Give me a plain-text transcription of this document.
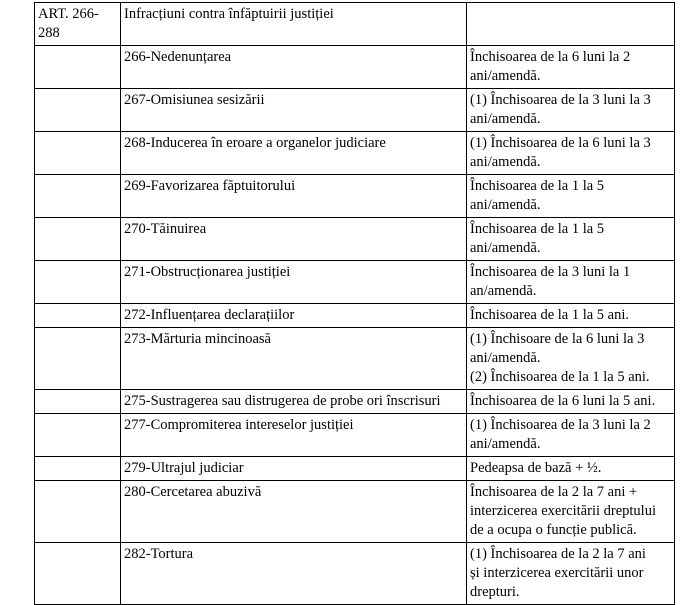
ART. 266-
288	Infracțiuni contra înfăptuirii justiției	
	266-Nedenunțarea	Închisoarea de la 6 luni la 2
ani/amendă.

	267-Omisiunea sesizării	(1) Închisoarea de la 3 luni la 3
ani/amendă.

	268-Inducerea în eroare a organelor judiciare	(1) Închisoarea de la 6 luni la 3
ani/amendă.

	269-Favorizarea făptuitorului	Închisoarea de la 1 la 5
ani/amendă.

	270-Tăinuirea	Închisoarea de la 1 la 5
ani/amendă.

	271-Obstrucționarea justiției	Închisoarea de la 3 luni la 1
an/amendă.

	272-Influențarea declarațiilor	Închisoarea de la 1 la 5 ani.

	273-Mărturia mincinoasă	(1) Închisoare de la 6 luni la 3
ani/amendă.
(2) Închisoarea de la 1 la 5 ani.

	275-Sustragerea sau distrugerea de probe ori înscrisuri	Închisoarea de la 6 luni la 5 ani.

	277-Compromiterea intereselor justiției	(1) Închisoarea de la 3 luni la 2
ani/amendă.

	279-Ultrajul judiciar	Pedeapsa de bază + ½.

	280-Cercetarea abuzivă	Închisoarea de la 2 la 7 ani +
interzicerea exercitării dreptului
de a ocupa o funcție publică.

	282-Tortura	(1) Închisoarea de la 2 la 7 ani
și interzicerea exercitării unor
drepturi.
